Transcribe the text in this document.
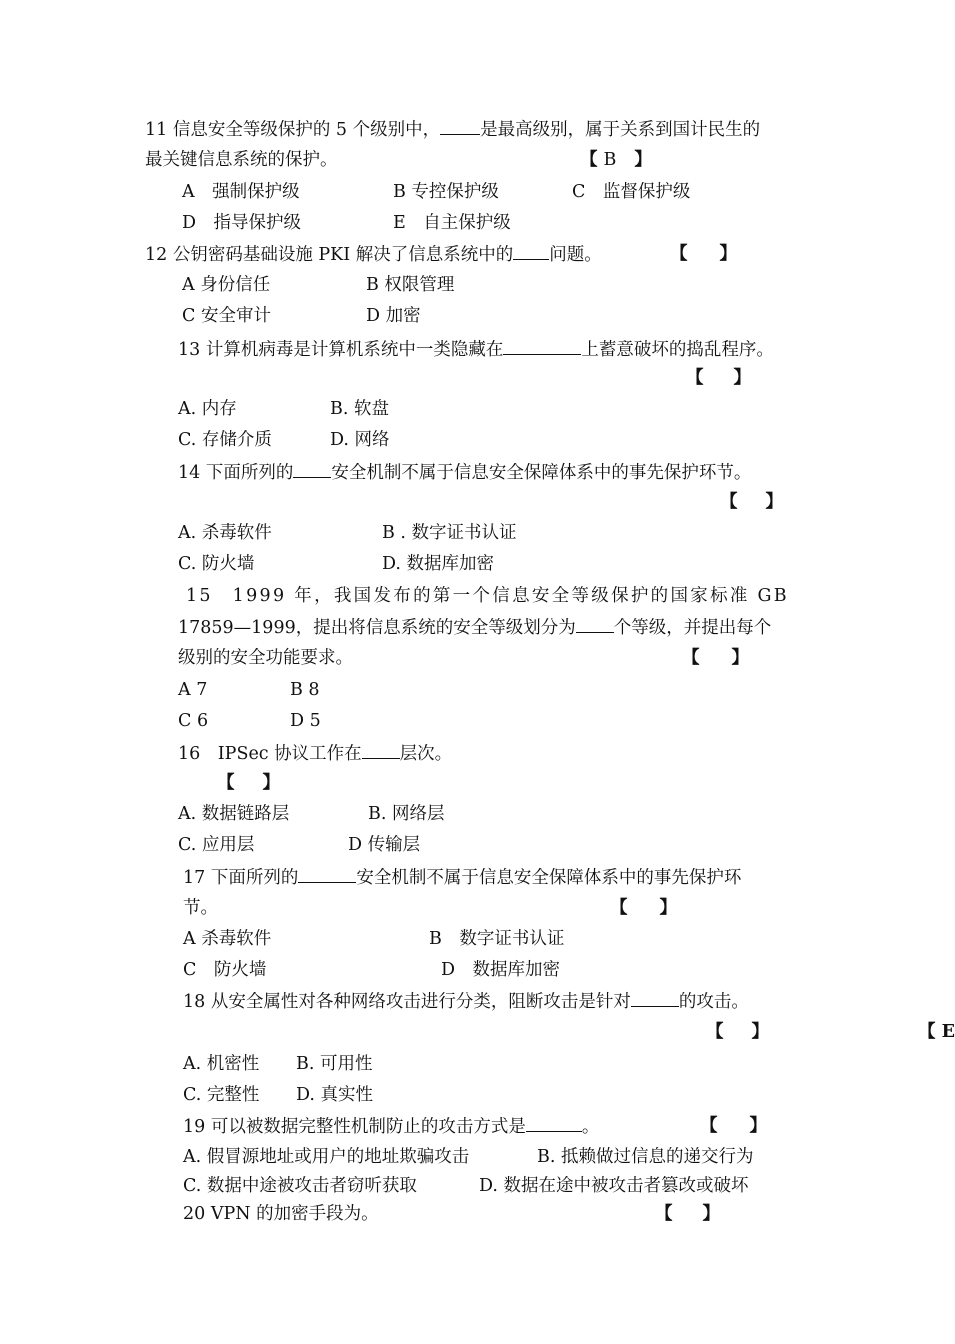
11 信息安全等级保护的 5 个级别中， 是最高级别，属于关系到国计民生的
最关键信息系统的保护。	【 B 】
A　强制保护级	B 专控保护级	C　监督保护级
D　指导保护级	E　自主保护级
12 公钥密码基础设施 PKI 解决了信息系统中的 问题。	【 】
A 身份信任	B 权限管理
C 安全审计	D 加密
13 计算机病毒是计算机系统中一类隐藏在	上蓄意破坏的捣乱程序。
【 】
A. 内存	B. 软盘
C. 存储介质	D. 网络
14 下面所列的 安全机制不属于信息安全保障体系中的事先保护环节。
【 】
A. 杀毒软件	B . 数字证书认证
C. 防火墙	D. 数据库加密
15　1999 年，我国发布的第一个信息安全等级保护的国家标准 GB
17859—1999，提出将信息系统的安全等级划分为 个等级，并提出每个
级别的安全功能要求。	【 】
A 7	B 8
C 6	D 5
16　IPSec 协议工作在 层次。
【 】
A. 数据链路层	B. 网络层
C. 应用层	D 传输层
17 下面所列的	安全机制不属于信息安全保障体系中的事先保护环
节。	【 】
A 杀毒软件	B　数字证书认证
C　防火墙	D　数据库加密
18 从安全属性对各种网络攻击进行分类，阻断攻击是针对	的攻击。
【 】	【 E
A. 机密性 B. 可用性
C. 完整性 D. 真实性
19 可以被数据完整性机制防止的攻击方式是	。	【 】
A. 假冒源地址或用户的地址欺骗攻击	B. 抵赖做过信息的递交行为
C. 数据中途被攻击者窃听获取	D. 数据在途中被攻击者篡改或破坏
20 VPN 的加密手段为。	【 】
